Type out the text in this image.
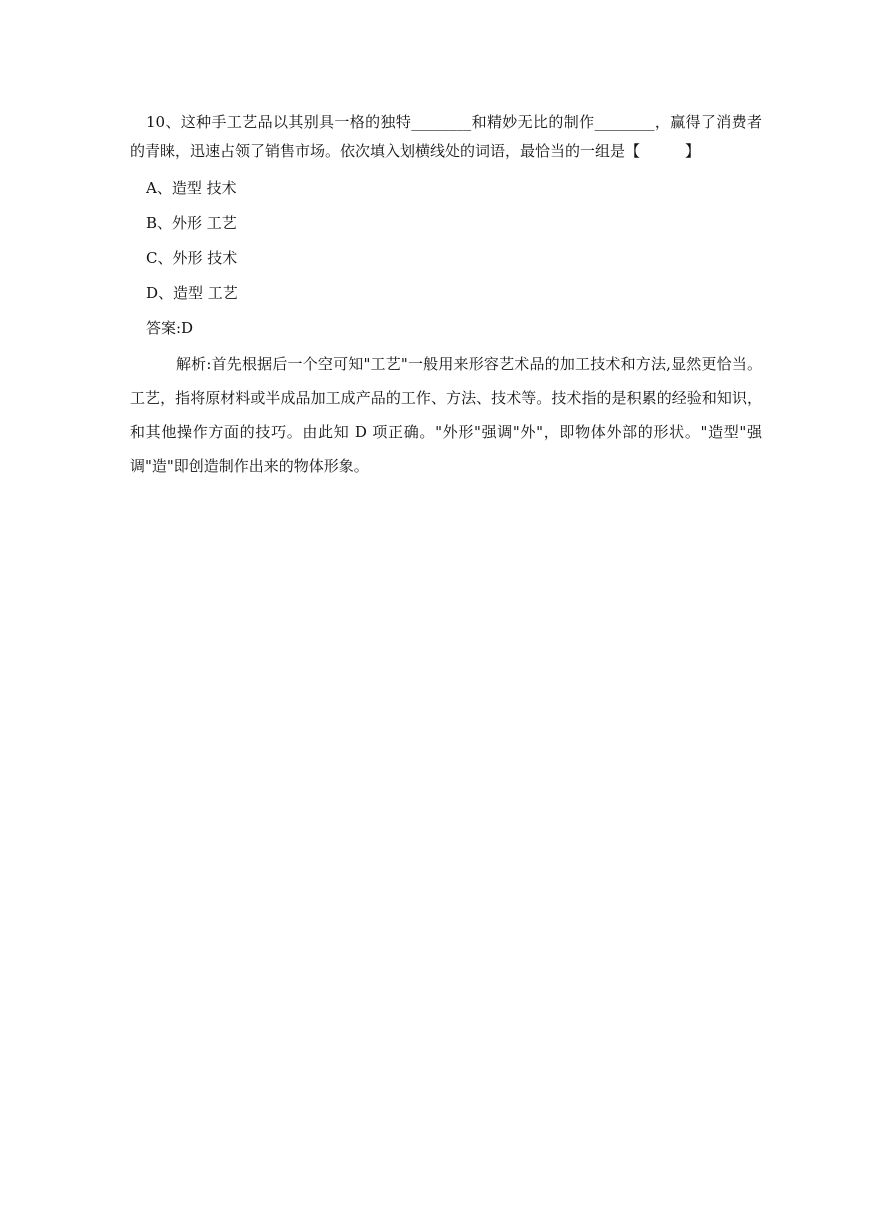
10、这种手工艺品以其别具一格的独特________和精妙无比的制作________，赢得了消费者的青睐，迅速占领了销售市场。依次填入划横线处的词语，最恰当的一组是【　　　】

A、造型 技术
B、外形 工艺
C、外形 技术
D、造型 工艺

答案:D

解析:首先根据后一个空可知"工艺"一般用来形容艺术品的加工技术和方法,显然更恰当。工艺，指将原材料或半成品加工成产品的工作、方法、技术等。技术指的是积累的经验和知识，和其他操作方面的技巧。由此知 D 项正确。"外形"强调"外"，即物体外部的形状。"造型"强调"造"即创造制作出来的物体形象。
